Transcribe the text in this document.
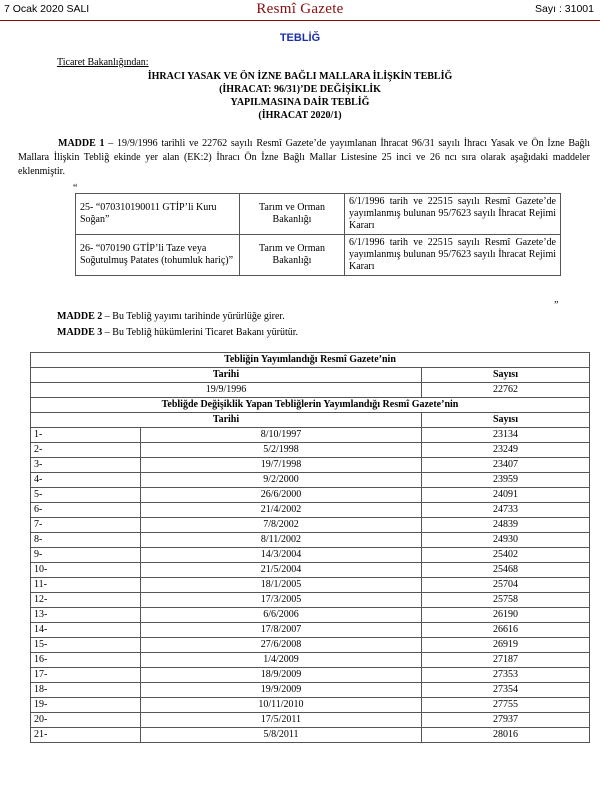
7 Ocak 2020 SALI	Resmî Gazete	Sayı : 31001
TEBLİĞ
Ticaret Bakanlığından:
İHRACI YASAK VE ÖN İZNE BAĞLI MALLARA İLİŞKİN TEBLİĞ
(İHRACAT: 96/31)’DE DEĞİŞİKLİK
YAPILMASINA DAİR TEBLİĞ
(İHRACAT 2020/1)
MADDE 1 – 19/9/1996 tarihli ve 22762 sayılı Resmî Gazete’de yayımlanan İhracat 96/31 sayılı İhracı Yasak ve Ön İzne Bağlı Mallara İlişkin Tebliğ ekinde yer alan (EK:2) İhracı Ön İzne Bağlı Mallar Listesine 25 inci ve 26 ncı sıra olarak aşağıdaki maddeler eklenmiştir.
“
25- “070310190011 GTİP’li Kuru Soğan”	Tarım ve Orman Bakanlığı	6/1/1996 tarih ve 22515 sayılı Resmî Gazete’de yayımlanmış bulunan 95/7623 sayılı İhracat Rejimi Kararı
26- “070190 GTİP’li Taze veya Soğutulmuş Patates (tohumluk hariç)”	Tarım ve Orman Bakanlığı	6/1/1996 tarih ve 22515 sayılı Resmî Gazete’de yayımlanmış bulunan 95/7623 sayılı İhracat Rejimi Kararı
”
MADDE 2 – Bu Tebliğ yayımı tarihinde yürürlüğe girer.
MADDE 3 – Bu Tebliğ hükümlerini Ticaret Bakanı yürütür.
Tebliğin Yayımlandığı Resmî Gazete’nin		

Tarihi		Sayısı
19/9/1996		22762
Tebliğde Değişiklik Yapan Tebliğlerin Yayımlandığı Resmî Gazete’nin		
Tarihi		Sayısı
1-	8/10/1997	23134
2-	5/2/1998	23249
3-	19/7/1998	23407
4-	9/2/2000	23959
5-	26/6/2000	24091
6-	21/4/2002	24733
7-	7/8/2002	24839
8-	8/11/2002	24930
9-	14/3/2004	25402
10-	21/5/2004	25468
11-	18/1/2005	25704
12-	17/3/2005	25758
13-	6/6/2006	26190
14-	17/8/2007	26616
15-	27/6/2008	26919
16-	1/4/2009	27187
17-	18/9/2009	27353
18-	19/9/2009	27354
19-	10/11/2010	27755
20-	17/5/2011	27937
21-	5/8/2011	28016
